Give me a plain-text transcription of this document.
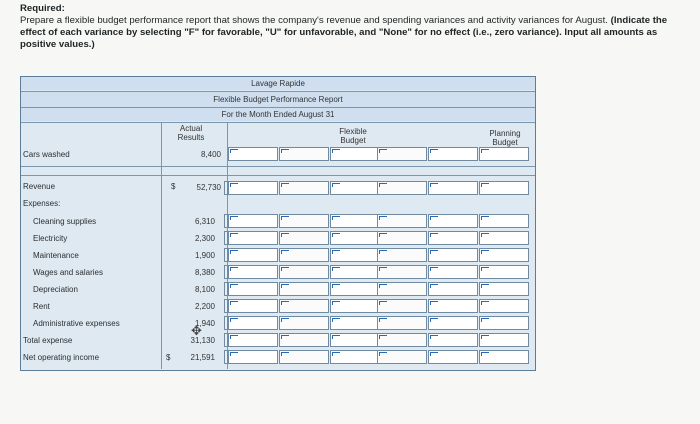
Required:
Prepare a flexible budget performance report that shows the company's revenue and spending variances and activity variances for August. (Indicate the effect of each variance by selecting "F" for favorable, "U" for unfavorable, and "None" for no effect (i.e., zero variance). Input all amounts as positive values.)
Lavage Rapide
Flexible Budget Performance Report
For the Month Ended August 31
Actual Results
Flexible Budget
Planning Budget
Cars washed	8,400
Revenue	$	52,730
Expenses:
Cleaning supplies	6,310
Electricity	2,300
Maintenance	1,900
Wages and salaries	8,380
Depreciation	8,100
Rent	2,200
Administrative expenses	1,940
Total expense	31,130
Net operating income	$	21,591
✥
